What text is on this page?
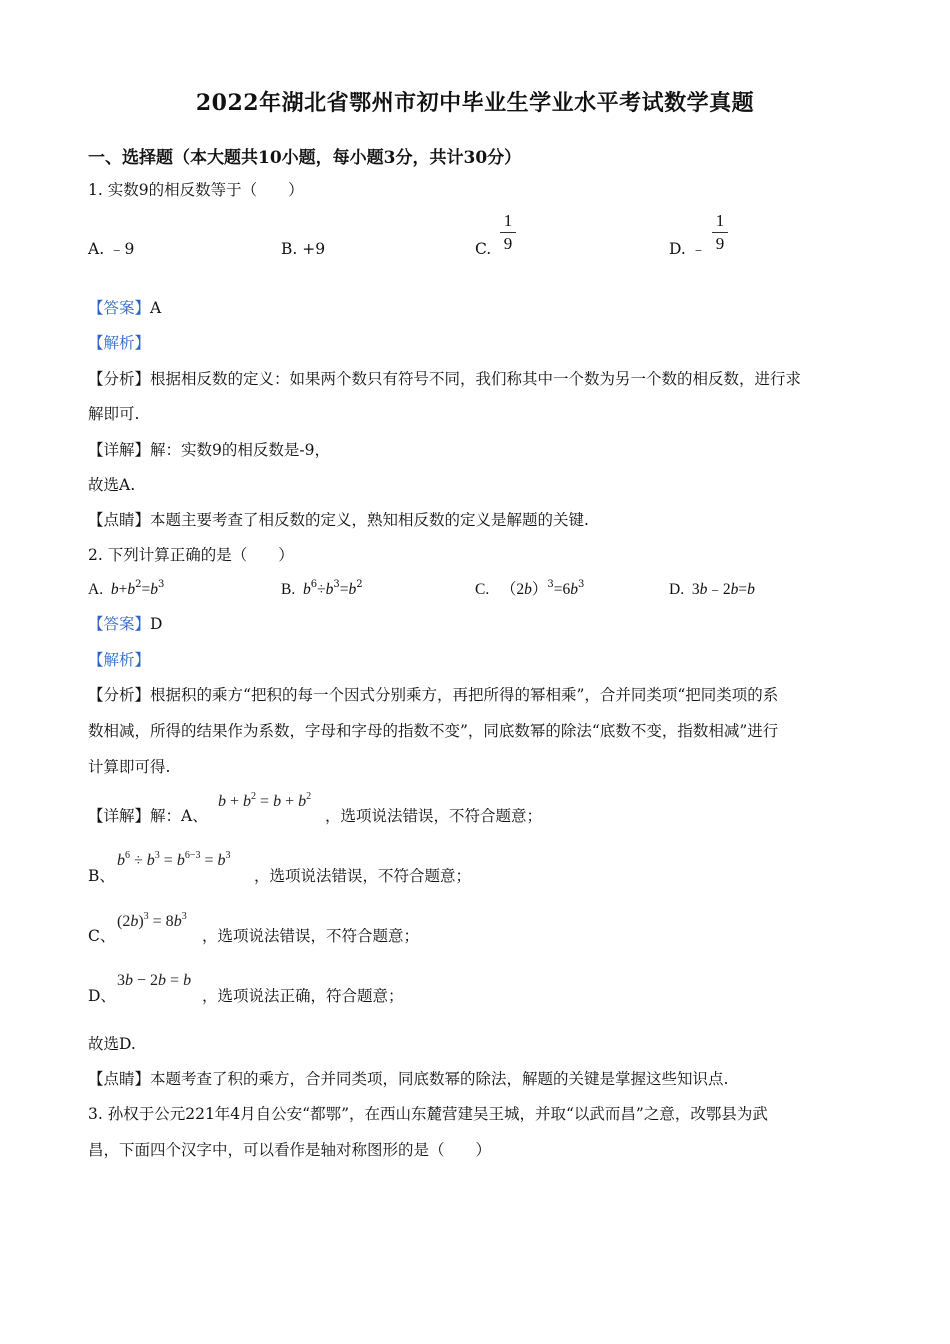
2022年湖北省鄂州市初中毕业生学业水平考试数学真题
一、选择题（本大题共10小题，每小题3分，共计30分）
1. 实数9的相反数等于（　　）
A. ﹣9	B. +9	C.
1
9	D. ﹣
1
9
【答案】A
【解析】
【分析】根据相反数的定义：如果两个数只有符号不同，我们称其中一个数为另一个数的相反数，进行求
解即可.
【详解】解：实数9的相反数是-9，
故选A.
【点睛】本题主要考查了相反数的定义，熟知相反数的定义是解题的关键.
2. 下列计算正确的是（　　）
A.  $b+b^2=b^3$	B.  $b^6\div b^3=b^2$	C.   $(2b)^3=6b^3$	D.  3b﹣2b=b
【答案】D
【解析】
【分析】根据积的乘方“把积的每一个因式分别乘方，再把所得的幂相乘”，合并同类项“把同类项的系
数相减，所得的结果作为系数，字母和字母的指数不变”，同底数幂的除法“底数不变，指数相减”进行
计算即可得.
【详解】解：A、
$b + b^2 = b + b^2$
，选项说法错误，不符合题意；
B、
$b^6 \div b^3 = b^{6-3} = b^3$
，选项说法错误，不符合题意；
C、
$(2b)^3 = 8b^3$
，选项说法错误，不符合题意；
D、
3b − 2b = b
，选项说法正确，符合题意；
故选D.
【点睛】本题考查了积的乘方，合并同类项，同底数幂的除法，解题的关键是掌握这些知识点.
3. 孙权于公元221年4月自公安“都鄂”，在西山东麓营建吴王城，并取“以武而昌”之意，改鄂县为武
昌，下面四个汉字中，可以看作是轴对称图形的是（　　）
